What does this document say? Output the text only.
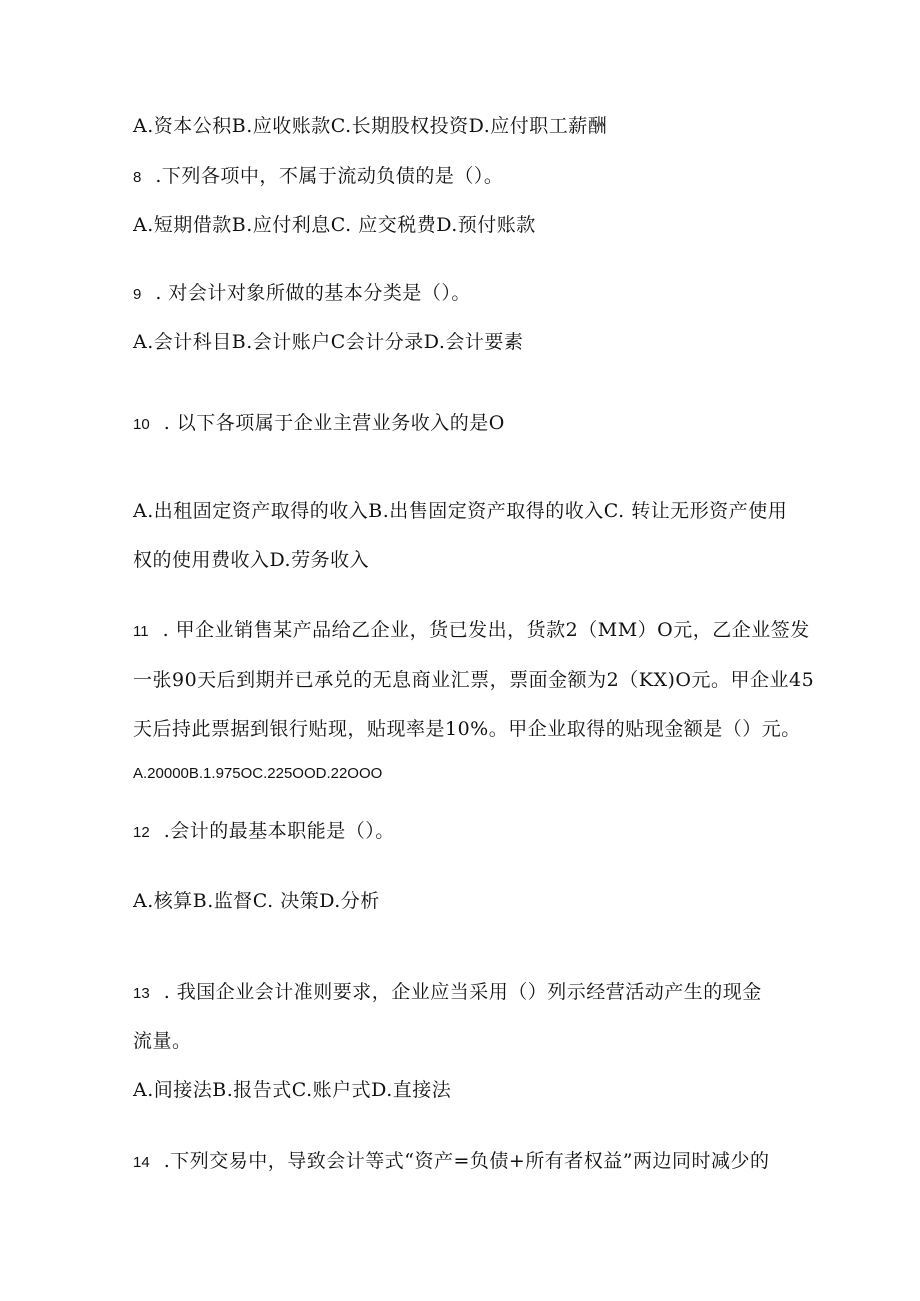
A.资本公积B.应收账款C.长期股权投资D.应付职工薪酬
8 .下列各项中，不属于流动负债的是（）。
A.短期借款B.应付利息C. 应交税费D.预付账款
9 . 对会计对象所做的基本分类是（）。
A.会计科目B.会计账户C会计分录D.会计要素
10 . 以下各项属于企业主营业务收入的是O
A.出租固定资产取得的收入B.出售固定资产取得的收入C. 转让无形资产使用
权的使用费收入D.劳务收入
11 . 甲企业销售某产品给乙企业，货已发出，货款2（MM）O元，乙企业签发
一张90天后到期并已承兑的无息商业汇票，票面金额为2（KX)O元。甲企业45
天后持此票据到银行贴现，贴现率是10%。甲企业取得的贴现金额是（）元。
A.20000B.1.975OC.225OOD.22OOO
12 .会计的最基本职能是（）。
A.核算B.监督C. 决策D.分析
13 . 我国企业会计准则要求，企业应当采用（）列示经营活动产生的现金
流量。
A.间接法B.报告式C.账户式D.直接法
14 .下列交易中，导致会计等式“资产=负债+所有者权益”两边同时减少的
